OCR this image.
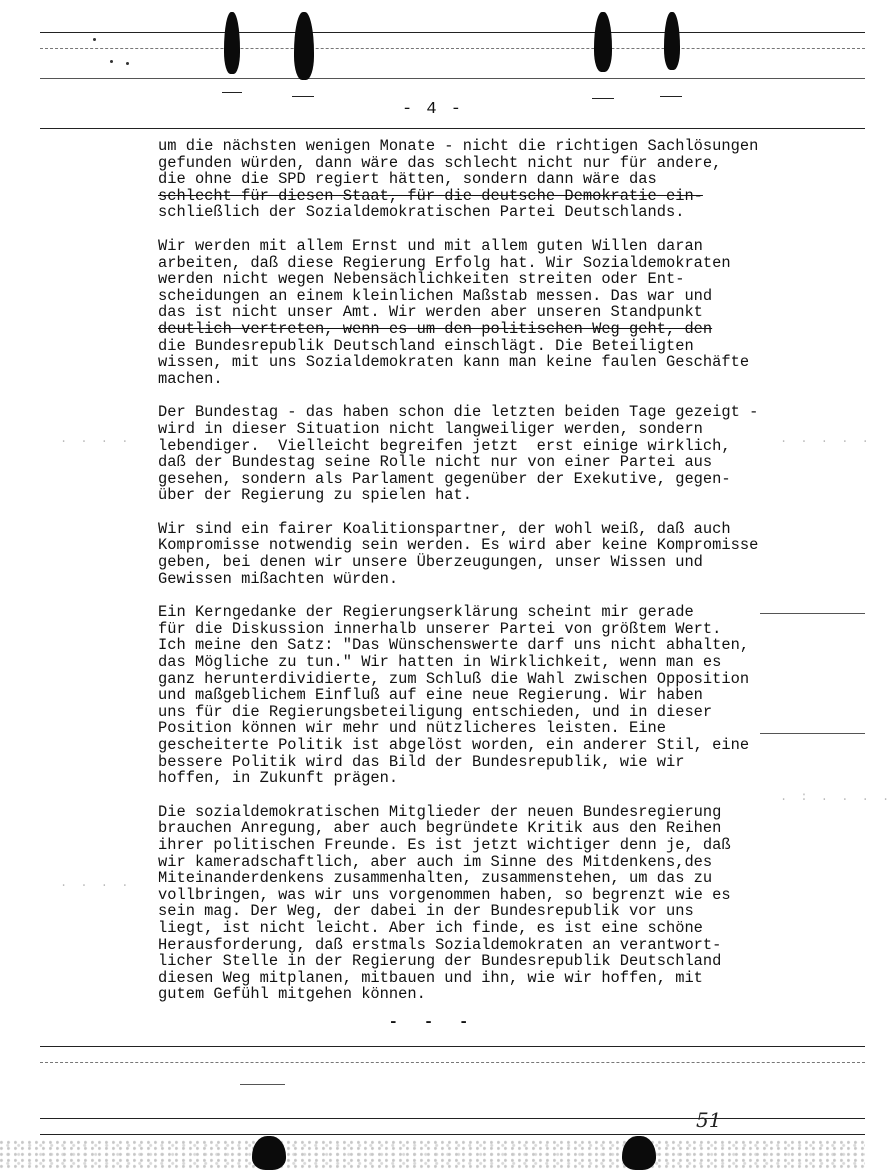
. . . .	. . . . .
. : . . . .
. . . .
- 4 -
um die nächsten wenigen Monate - nicht die richtigen Sachlösungen
gefunden würden, dann wäre das schlecht nicht nur für andere,
die ohne die SPD regiert hätten, sondern dann wäre das
schlecht für diesen Staat, für die deutsche Demokratie ein-
schließlich der Sozialdemokratischen Partei Deutschlands.
Wir werden mit allem Ernst und mit allem guten Willen daran
arbeiten, daß diese Regierung Erfolg hat. Wir Sozialdemokraten
werden nicht wegen Nebensächlichkeiten streiten oder Ent-
scheidungen an einem kleinlichen Maßstab messen. Das war und
das ist nicht unser Amt. Wir werden aber unseren Standpunkt
deutlich vertreten, wenn es um den politischen Weg geht, den
die Bundesrepublik Deutschland einschlägt. Die Beteiligten
wissen, mit uns Sozialdemokraten kann man keine faulen Geschäfte
machen.
Der Bundestag - das haben schon die letzten beiden Tage gezeigt -
wird in dieser Situation nicht langweiliger werden, sondern
lebendiger.  Vielleicht begreifen jetzt  erst einige wirklich,
daß der Bundestag seine Rolle nicht nur von einer Partei aus
gesehen, sondern als Parlament gegenüber der Exekutive, gegen-
über der Regierung zu spielen hat.
Wir sind ein fairer Koalitionspartner, der wohl weiß, daß auch
Kompromisse notwendig sein werden. Es wird aber keine Kompromisse
geben, bei denen wir unsere Überzeugungen, unser Wissen und
Gewissen mißachten würden.
Ein Kerngedanke der Regierungserklärung scheint mir gerade
für die Diskussion innerhalb unserer Partei von größtem Wert.
Ich meine den Satz: "Das Wünschenswerte darf uns nicht abhalten,
das Mögliche zu tun." Wir hatten in Wirklichkeit, wenn man es
ganz herunterdividierte, zum Schluß die Wahl zwischen Opposition
und maßgeblichem Einfluß auf eine neue Regierung. Wir haben
uns für die Regierungsbeteiligung entschieden, und in dieser
Position können wir mehr und nützlicheres leisten. Eine
gescheiterte Politik ist abgelöst worden, ein anderer Stil, eine
bessere Politik wird das Bild der Bundesrepublik, wie wir
hoffen, in Zukunft prägen.
Die sozialdemokratischen Mitglieder der neuen Bundesregierung
brauchen Anregung, aber auch begründete Kritik aus den Reihen
ihrer politischen Freunde. Es ist jetzt wichtiger denn je, daß
wir kameradschaftlich, aber auch im Sinne des Mitdenkens,des
Miteinanderdenkens zusammenhalten, zusammenstehen, um das zu
vollbringen, was wir uns vorgenommen haben, so begrenzt wie es
sein mag. Der Weg, der dabei in der Bundesrepublik vor uns
liegt, ist nicht leicht. Aber ich finde, es ist eine schöne
Herausforderung, daß erstmals Sozialdemokraten an verantwort-
licher Stelle in der Regierung der Bundesrepublik Deutschland
diesen Weg mitplanen, mitbauen und ihn, wie wir hoffen, mit
gutem Gefühl mitgehen können.
- - -
51
